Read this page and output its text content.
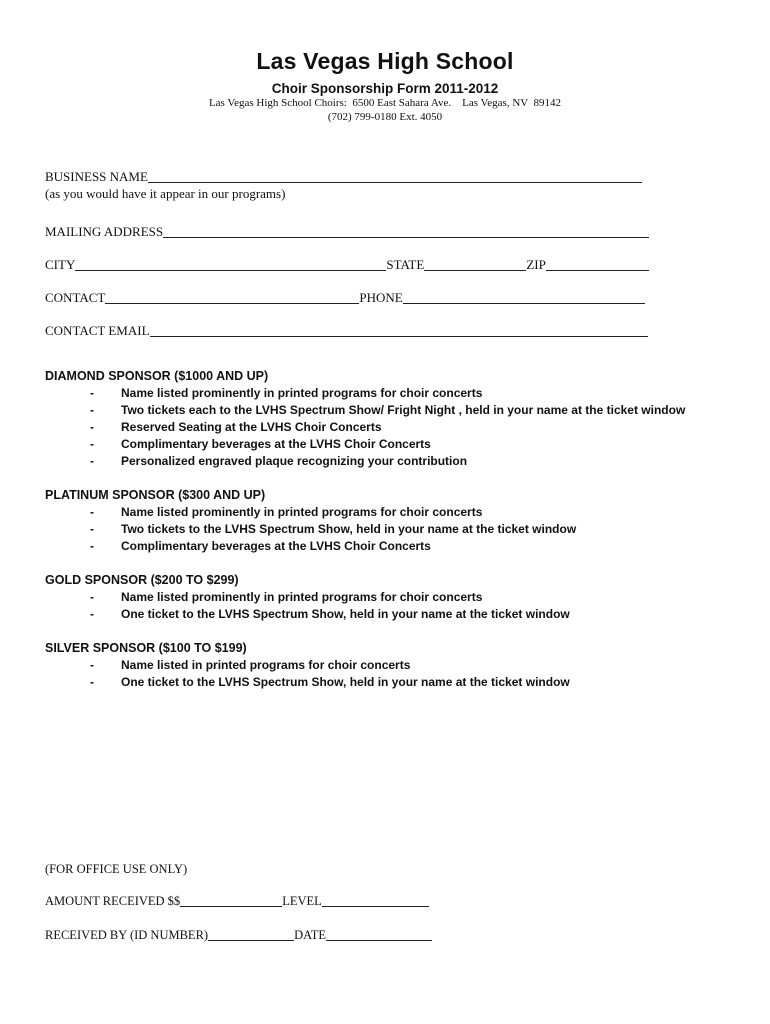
Las Vegas High School
Choir Sponsorship Form 2011-2012
Las Vegas High School Choirs:  6500 East Sahara Ave.    Las Vegas, NV  89142
(702) 799-0180 Ext. 4050
BUSINESS NAME
(as you would have it appear in our programs)
MAILING ADDRESS
CITY	STATE	ZIP
CONTACT	PHONE
CONTACT EMAIL
DIAMOND SPONSOR ($1000 AND UP)
- Name listed prominently in printed programs for choir concerts
- Two tickets each to the LVHS Spectrum Show/ Fright Night , held in your name at the ticket window
- Reserved Seating at the LVHS Choir Concerts
- Complimentary beverages at the LVHS Choir Concerts
- Personalized engraved plaque recognizing your contribution
PLATINUM SPONSOR ($300 AND UP)
- Name listed prominently in printed programs for choir concerts
- Two tickets to the LVHS Spectrum Show, held in your name at the ticket window
- Complimentary beverages at the LVHS Choir Concerts
GOLD SPONSOR ($200 TO $299)
- Name listed prominently in printed programs for choir concerts
- One ticket to the LVHS Spectrum Show, held in your name at the ticket window
SILVER SPONSOR ($100 TO $199)
- Name listed in printed programs for choir concerts
- One ticket to the LVHS Spectrum Show, held in your name at the ticket window
(FOR OFFICE USE ONLY)
AMOUNT RECEIVED $$	LEVEL
RECEIVED BY (ID NUMBER)	DATE
